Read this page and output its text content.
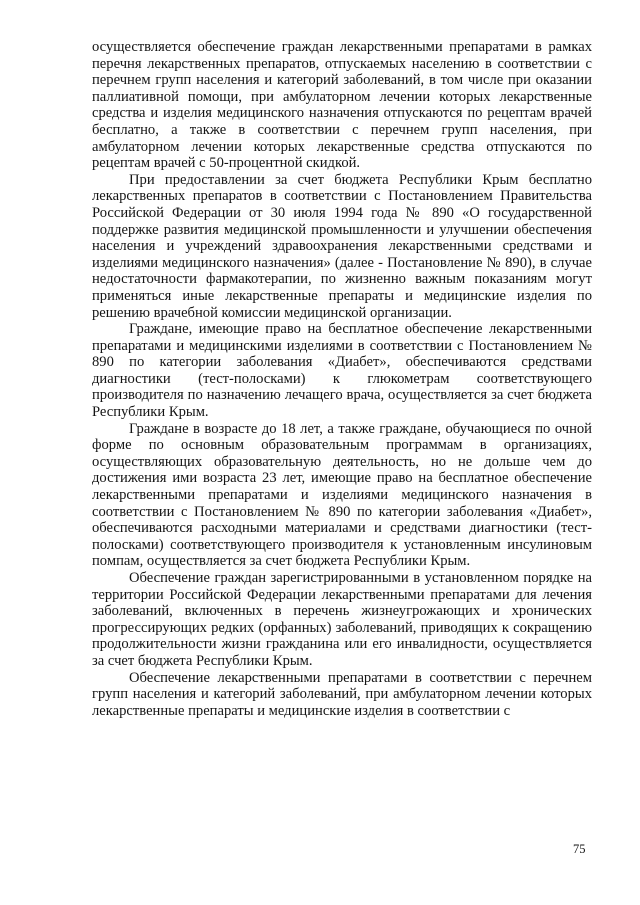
осуществляется обеспечение граждан лекарственными препаратами в рамках перечня лекарственных препаратов, отпускаемых населению в соответствии с перечнем групп населения и категорий заболеваний, в том числе при оказании паллиативной помощи, при амбулаторном лечении которых лекарственные средства и изделия медицинского назначения отпускаются по рецептам врачей бесплатно, а также в соответствии с перечнем групп населения, при амбулаторном лечении которых лекарственные средства отпускаются по рецептам врачей с 50-процентной скидкой.

При предоставлении за счет бюджета Республики Крым бесплатно лекарственных препаратов в соответствии с Постановлением Правительства Российской Федерации от 30 июля 1994 года № 890 «О государственной поддержке развития медицинской промышленности и улучшении обеспечения населения и учреждений здравоохранения лекарственными средствами и изделиями медицинского назначения» (далее - Постановление № 890), в случае недостаточности фармакотерапии, по жизненно важным показаниям могут применяться иные лекарственные препараты и медицинские изделия по решению врачебной комиссии медицинской организации.

Граждане, имеющие право на бесплатное обеспечение лекарственными препаратами и медицинскими изделиями в соответствии с Постановлением № 890 по категории заболевания «Диабет», обеспечиваются средствами диагностики (тест-полосками) к глюкометрам соответствующего производителя по назначению лечащего врача, осуществляется за счет бюджета Республики Крым.

Граждане в возрасте до 18 лет, а также граждане, обучающиеся по очной форме по основным образовательным программам в организациях, осуществляющих образовательную деятельность, но не дольше чем до достижения ими возраста 23 лет, имеющие право на бесплатное обеспечение лекарственными препаратами и изделиями медицинского назначения в соответствии с Постановлением № 890 по категории заболевания «Диабет», обеспечиваются расходными материалами и средствами диагностики (тест-полосками) соответствующего производителя к установленным инсулиновым помпам, осуществляется за счет бюджета Республики Крым.

Обеспечение граждан зарегистрированными в установленном порядке на территории Российской Федерации лекарственными препаратами для лечения заболеваний, включенных в перечень жизнеугрожающих и хронических прогрессирующих редких (орфанных) заболеваний, приводящих к сокращению продолжительности жизни гражданина или его инвалидности, осуществляется за счет бюджета Республики Крым.

Обеспечение лекарственными препаратами в соответствии с перечнем групп населения и категорий заболеваний, при амбулаторном лечении которых лекарственные препараты и медицинские изделия в соответствии с

75
